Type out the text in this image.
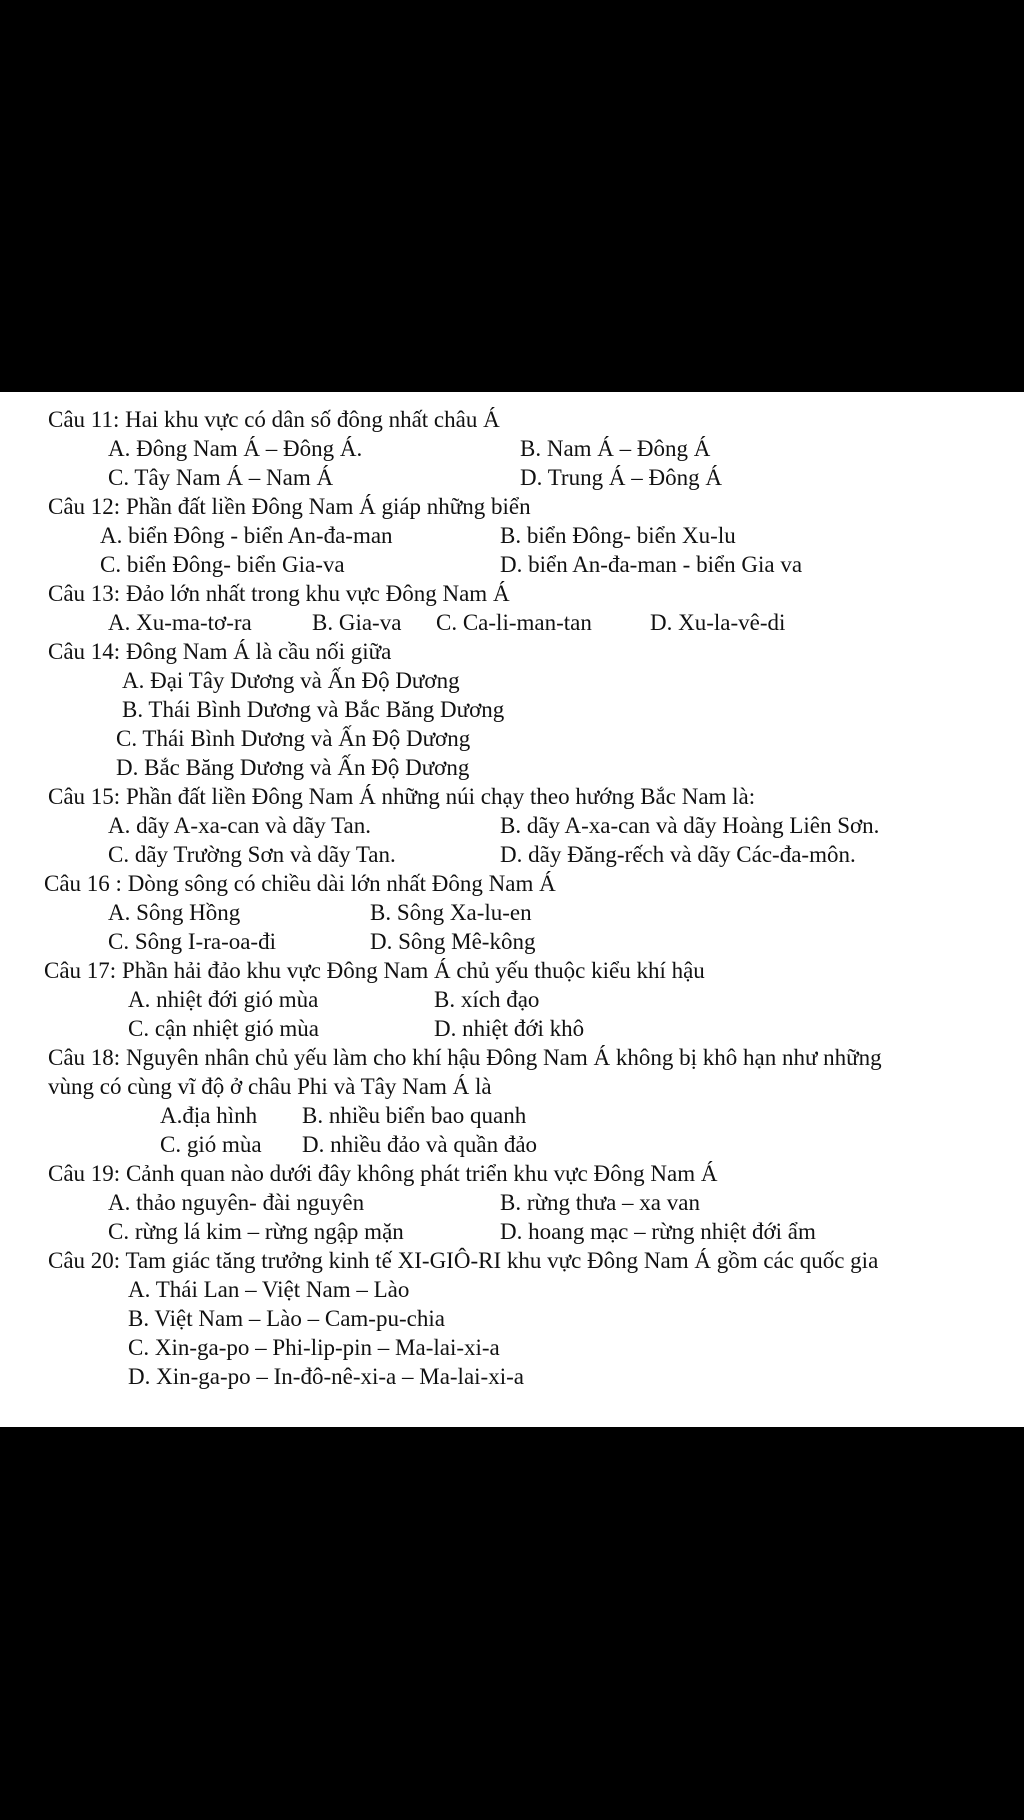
Câu 11: Hai khu vực có dân số đông nhất châu Á
A. Đông Nam Á – Đông Á.	B. Nam Á – Đông Á
C. Tây Nam Á – Nam Á	D. Trung Á – Đông Á
Câu 12: Phần đất liền Đông Nam Á giáp những biển
A. biển Đông - biển An-đa-man	B. biển Đông- biển Xu-lu
C. biển Đông- biển Gia-va	D. biển An-đa-man - biển Gia va
Câu 13: Đảo lớn nhất trong khu vực Đông Nam Á
A. Xu-ma-tơ-ra	B. Gia-va C. Ca-li-man-tan	D. Xu-la-vê-di
Câu 14: Đông Nam Á là cầu nối giữa
A. Đại Tây Dương và Ấn Độ Dương
B. Thái Bình Dương và Bắc Băng Dương
C. Thái Bình Dương và Ấn Độ Dương
D. Bắc Băng Dương và Ấn Độ Dương
Câu 15: Phần đất liền Đông Nam Á những núi chạy theo hướng Bắc Nam là:
A. dãy A-xa-can và dãy Tan.	B. dãy A-xa-can và dãy Hoàng Liên Sơn.
C. dãy Trường Sơn và dãy Tan.	D. dãy Đăng-rếch và dãy Các-đa-môn.
Câu 16 : Dòng sông có chiều dài lớn nhất Đông Nam Á
A. Sông Hồng	B. Sông Xa-lu-en
C. Sông I-ra-oa-đi	D. Sông Mê-kông
Câu 17: Phần hải đảo khu vực Đông Nam Á chủ yếu thuộc kiểu khí hậu
A. nhiệt đới gió mùa	B. xích đạo
C. cận nhiệt gió mùa	D. nhiệt đới khô
Câu 18: Nguyên nhân chủ yếu làm cho khí hậu Đông Nam Á không bị khô hạn như những
vùng có cùng vĩ độ ở châu Phi và Tây Nam Á là
A.địa hình B. nhiều biển bao quanh
C. gió mùa D. nhiều đảo và quần đảo
Câu 19: Cảnh quan nào dưới đây không phát triển khu vực Đông Nam Á
A. thảo nguyên- đài nguyên	B. rừng thưa – xa van
C. rừng lá kim – rừng ngập mặn	D. hoang mạc – rừng nhiệt đới ẩm
Câu 20: Tam giác tăng trưởng kinh tế XI-GIÔ-RI khu vực Đông Nam Á gồm các quốc gia
A. Thái Lan – Việt Nam – Lào
B. Việt Nam – Lào – Cam-pu-chia
C. Xin-ga-po – Phi-lip-pin – Ma-lai-xi-a
D. Xin-ga-po – In-đô-nê-xi-a – Ma-lai-xi-a
